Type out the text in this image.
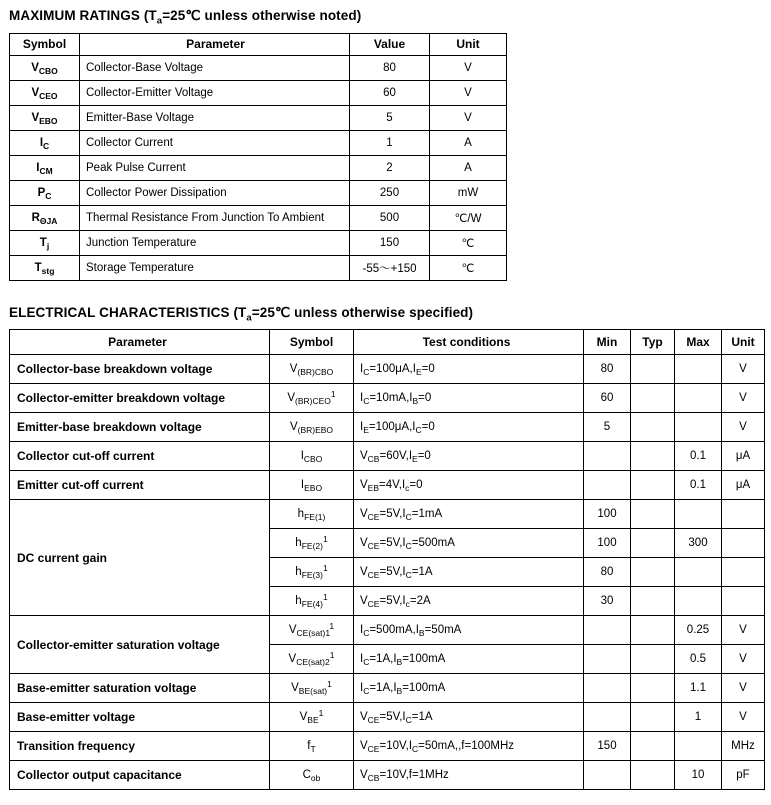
MAXIMUM RATINGS ($T_a=25℃$ unless otherwise noted)
Symbol	Parameter	Value	Unit
$V_{CBO}$	Collector-Base Voltage	80	V
$V_{CEO}$	Collector-Emitter Voltage	60	V
$V_{EBO}$	Emitter-Base Voltage	5	V
$I_C$	Collector Current	1	A
$I_{CM}$	Peak Pulse Current	2	A
$P_C$	Collector Power Dissipation	250	mW
$R_{\Theta JA}$	Thermal Resistance From Junction To Ambient	500	℃/W
$T_j$	Junction Temperature	150	℃
$T_{stg}$	Storage Temperature	-55～+150	℃
ELECTRICAL CHARACTERISTICS ($T_a=25℃$ unless otherwise specified)
Parameter	Symbol	Test conditions	Min	Typ	Max	Unit
Collector-base breakdown voltage	$V_{(BR)CBO}$	$I_C=100\mu A,I_E=0$	80			V
Collector-emitter breakdown voltage	$V_{(BR)CEO}^1$	$I_C=10mA,I_B=0$	60			V
Emitter-base breakdown voltage	$V_{(BR)EBO}$	$I_E=100\mu A,I_C=0$	5			V
Collector cut-off current	$I_{CBO}$	$V_{CB}=60V,I_E=0$			0.1	μA
Emitter cut-off current	$I_{EBO}$	$V_{EB}=4V,I_c=0$			0.1	μA
DC current gain	$h_{FE(1)}$	$V_{CE}=5V,I_C=1mA$	100			
	$h_{FE(2)}^1$	$V_{CE}=5V,I_C=500mA$	100		300	
	$h_{FE(3)}^1$	$V_{CE}=5V,I_C=1A$	80			
	$h_{FE(4)}^1$	$V_{CE}=5V,I_c=2A$	30			
Collector-emitter saturation voltage	$V_{CE(sat)1}^1$	$I_C=500mA,I_B=50mA$			0.25	V
	$V_{CE(sat)2}^1$	$I_C=1A,I_B=100mA$			0.5	V
Base-emitter saturation voltage	$V_{BE(sat)}^1$	$I_C=1A,I_B=100mA$			1.1	V
Base-emitter voltage	$V_{BE}^1$	$V_{CE}=5V,I_C=1A$			1	V
Transition frequency	$f_T$	$V_{CE}=10V,I_C=50mA,,f=100MHz$	150			MHz
Collector output capacitance	$C_{ob}$	$V_{CB}=10V,f=1MHz$			10	pF
